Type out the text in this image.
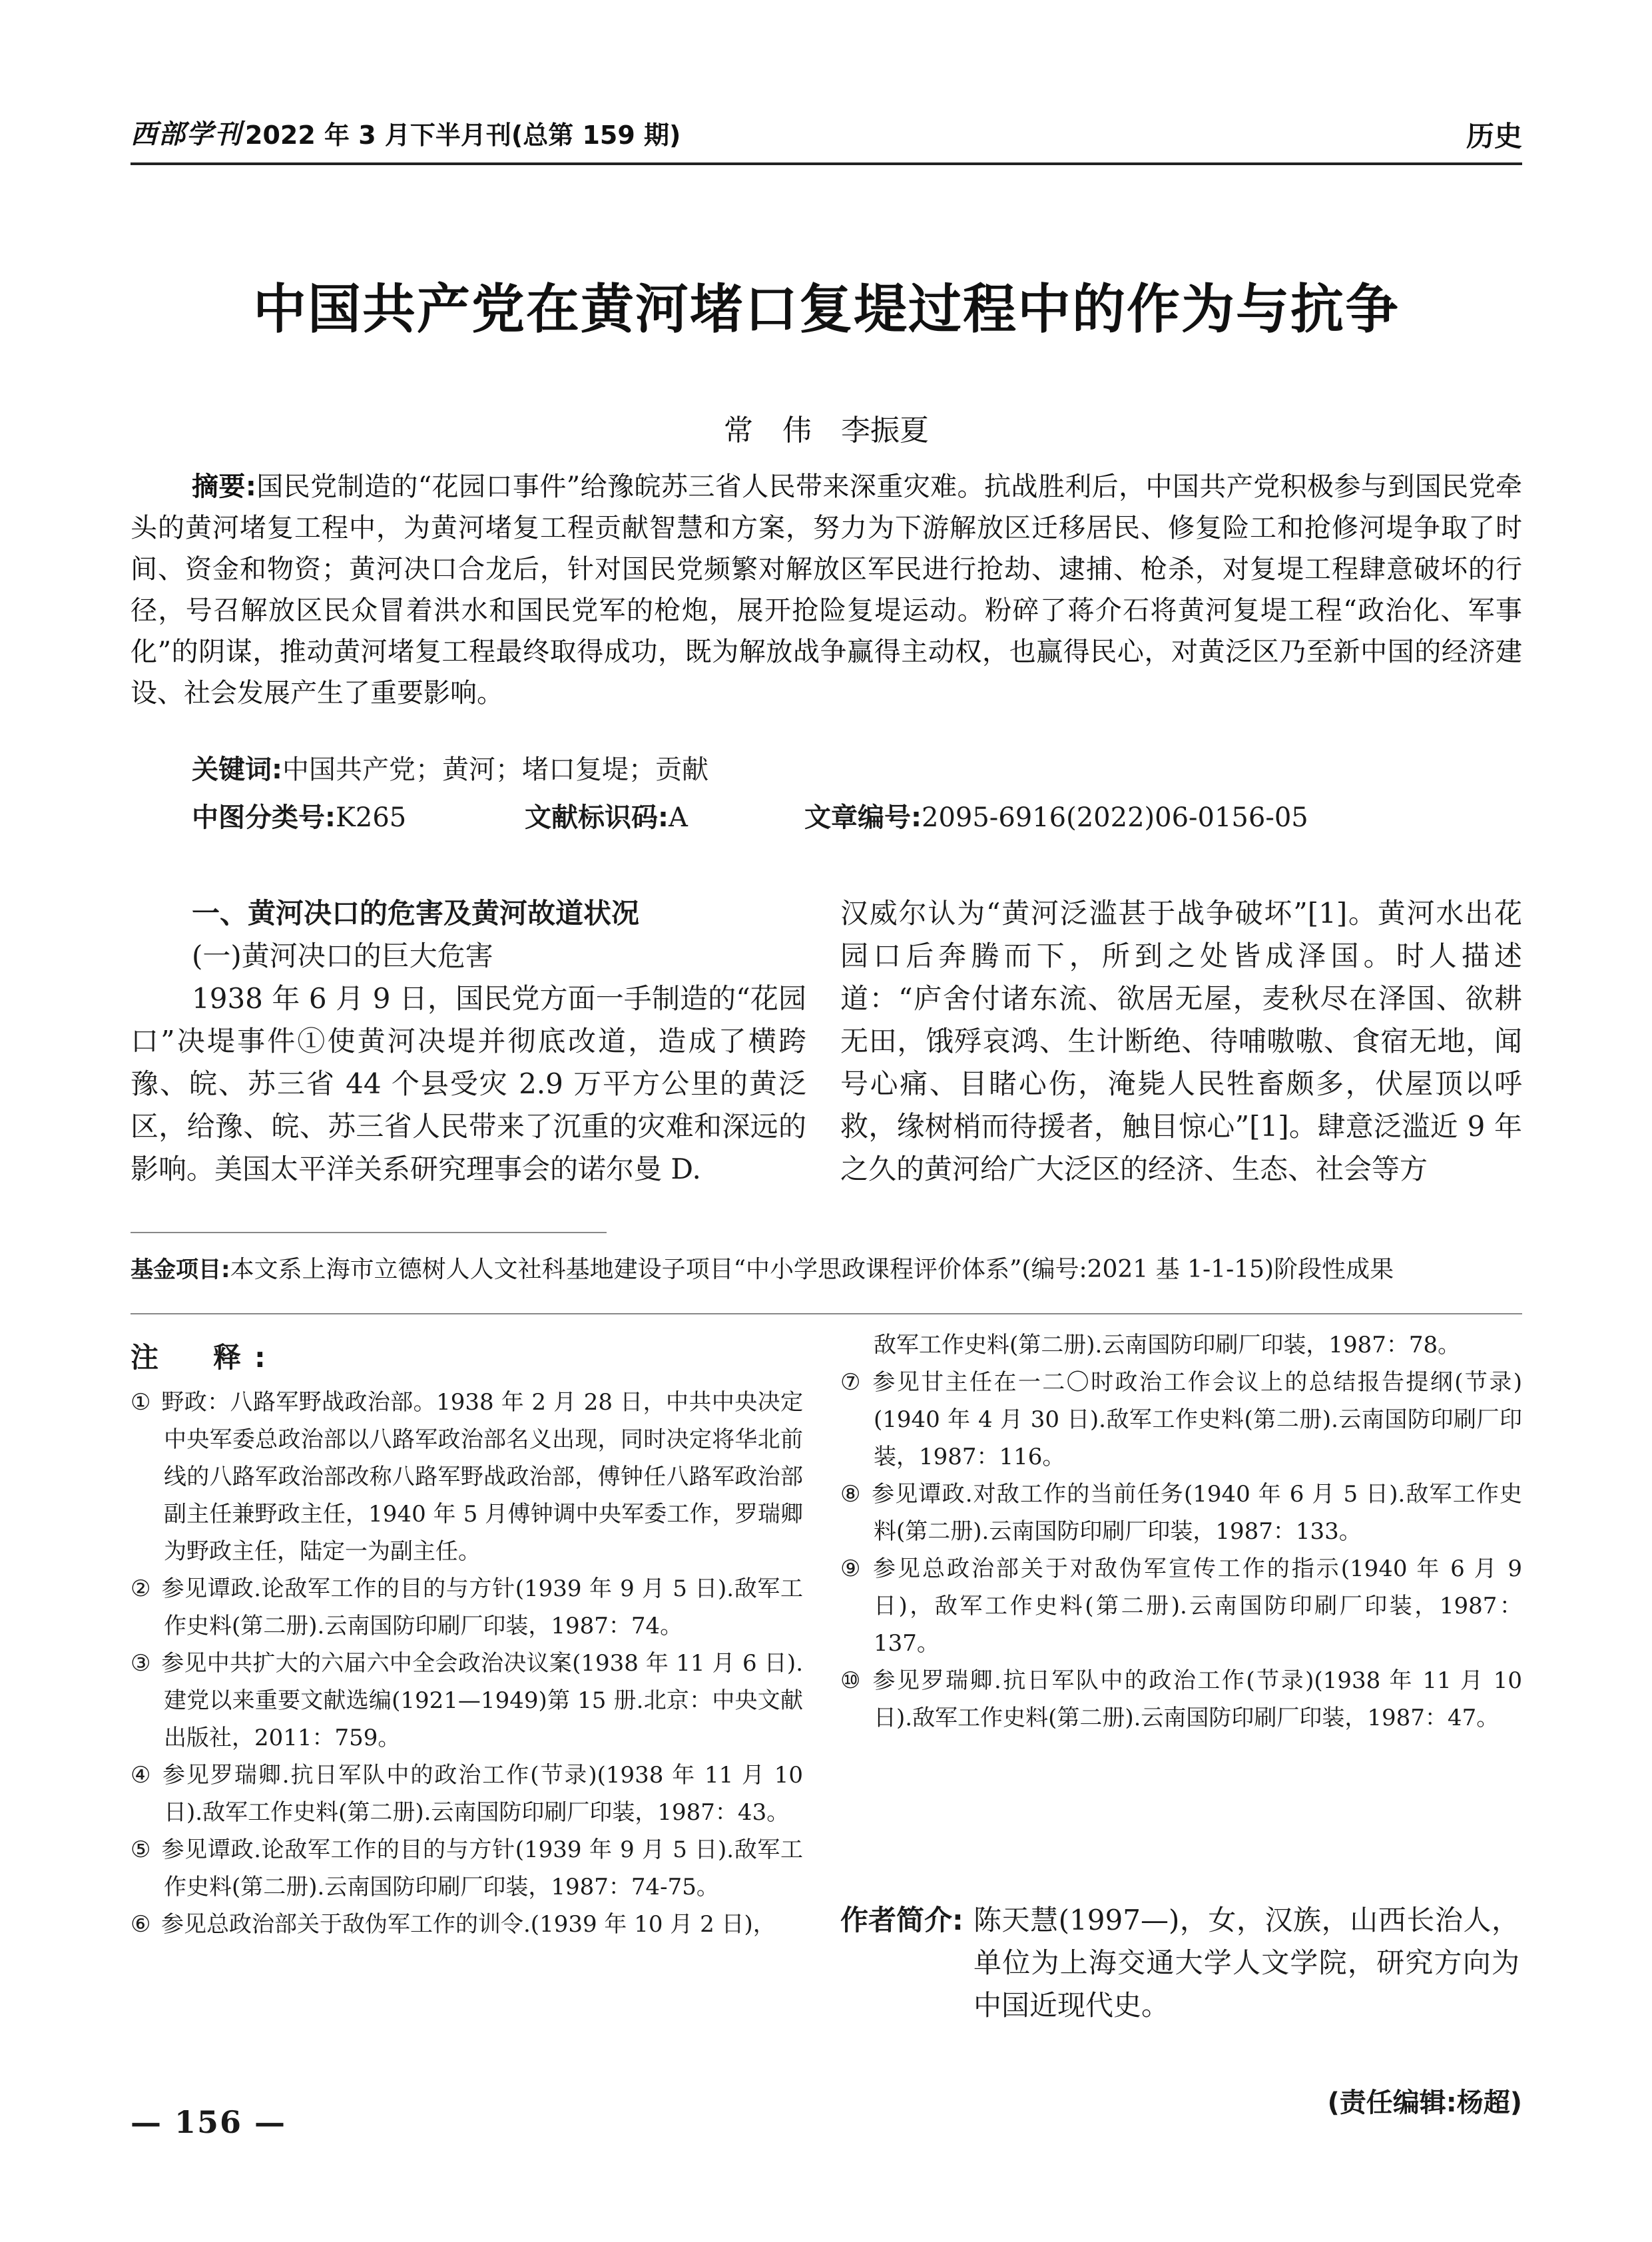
西部学刊 2022 年 3 月下半月刊(总第 159 期)	历史
中国共产党在黄河堵口复堤过程中的作为与抗争
常　伟　李振夏
摘要:国民党制造的“花园口事件”给豫皖苏三省人民带来深重灾难。抗战胜利后，中国共产党积极参与到国民党牵头的黄河堵复工程中，为黄河堵复工程贡献智慧和方案，努力为下游解放区迁移居民、修复险工和抢修河堤争取了时间、资金和物资；黄河决口合龙后，针对国民党频繁对解放区军民进行抢劫、逮捕、枪杀，对复堤工程肆意破坏的行径，号召解放区民众冒着洪水和国民党军的枪炮，展开抢险复堤运动。粉碎了蒋介石将黄河复堤工程“政治化、军事化”的阴谋，推动黄河堵复工程最终取得成功，既为解放战争赢得主动权，也赢得民心，对黄泛区乃至新中国的经济建设、社会发展产生了重要影响。
关键词:中国共产党；黄河；堵口复堤；贡献
中图分类号:K265	文献标识码:A	文章编号:2095-6916(2022)06-0156-05
一、黄河决口的危害及黄河故道状况
(一)黄河决口的巨大危害

1938 年 6 月 9 日，国民党方面一手制造的“花园口”决堤事件①使黄河决堤并彻底改道，造成了横跨豫、皖、苏三省 44 个县受灾 2.9 万平方公里的黄泛区，给豫、皖、苏三省人民带来了沉重的灾难和深远的影响。美国太平洋关系研究理事会的诺尔曼 D.

汉威尔认为“黄河泛滥甚于战争破坏”[1]。黄河水出花园口后奔腾而下，所到之处皆成泽国。时人描述道：“庐舍付诸东流、欲居无屋，麦秋尽在泽国、欲耕无田，饿殍哀鸿、生计断绝、待哺嗷嗷、食宿无地，闻号心痛、目睹心伤，淹毙人民牲畜颇多，伏屋顶以呼救，缘树梢而待援者，触目惊心”[1]。肆意泛滥近 9 年之久的黄河给广大泛区的经济、生态、社会等方

基金项目:本文系上海市立德树人人文社科基地建设子项目“中小学思政课程评价体系”(编号:2021 基 1-1-15)阶段性成果
注　释:

① 野政：八路军野战政治部。1938 年 2 月 28 日，中共中央决定中央军委总政治部以八路军政治部名义出现，同时决定将华北前线的八路军政治部改称八路军野战政治部，傅钟任八路军政治部副主任兼野政主任，1940 年 5 月傅钟调中央军委工作，罗瑞卿为野政主任，陆定一为副主任。

② 参见谭政.论敌军工作的目的与方针(1939 年 9 月 5 日).敌军工作史料(第二册).云南国防印刷厂印装，1987：74。

③ 参见中共扩大的六届六中全会政治决议案(1938 年 11 月 6 日).建党以来重要文献选编(1921—1949)第 15 册.北京：中央文献出版社，2011：759。

④ 参见罗瑞卿.抗日军队中的政治工作(节录)(1938 年 11 月 10 日).敌军工作史料(第二册).云南国防印刷厂印装，1987：43。

⑤ 参见谭政.论敌军工作的目的与方针(1939 年 9 月 5 日).敌军工作史料(第二册).云南国防印刷厂印装，1987：74-75。

⑥ 参见总政治部关于敌伪军工作的训令.(1939 年 10 月 2 日)，

敌军工作史料(第二册).云南国防印刷厂印装，1987：78。

⑦ 参见甘主任在一二〇时政治工作会议上的总结报告提纲(节录)(1940 年 4 月 30 日).敌军工作史料(第二册).云南国防印刷厂印装，1987：116。

⑧ 参见谭政.对敌工作的当前任务(1940 年 6 月 5 日).敌军工作史料(第二册).云南国防印刷厂印装，1987：133。

⑨ 参见总政治部关于对敌伪军宣传工作的指示(1940 年 6 月 9 日)，敌军工作史料(第二册).云南国防印刷厂印装，1987：137。

⑩ 参见罗瑞卿.抗日军队中的政治工作(节录)(1938 年 11 月 10 日).敌军工作史料(第二册).云南国防印刷厂印装，1987：47。

作者简介: 陈天慧(1997—)，女，汉族，山西长治人，单位为上海交通大学人文学院，研究方向为中国近现代史。
(责任编辑:杨超)
— 156 —
